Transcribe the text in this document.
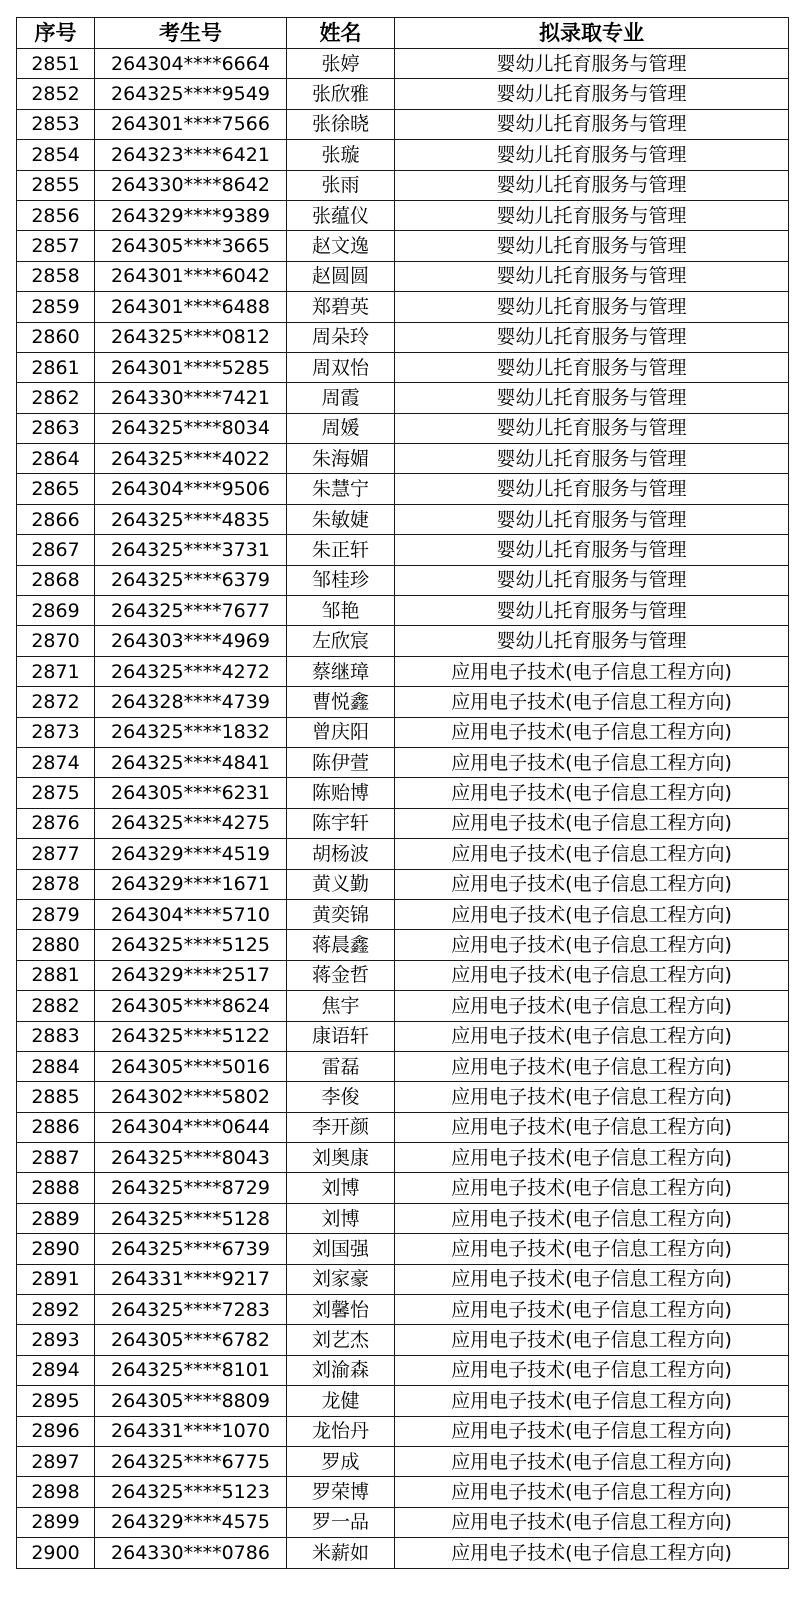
序号	考生号	姓名	拟录取专业
2851	264304****6664	张婷	婴幼儿托育服务与管理
2852	264325****9549	张欣雅	婴幼儿托育服务与管理
2853	264301****7566	张徐晓	婴幼儿托育服务与管理
2854	264323****6421	张璇	婴幼儿托育服务与管理
2855	264330****8642	张雨	婴幼儿托育服务与管理
2856	264329****9389	张蕴仪	婴幼儿托育服务与管理
2857	264305****3665	赵文逸	婴幼儿托育服务与管理
2858	264301****6042	赵圆圆	婴幼儿托育服务与管理
2859	264301****6488	郑碧英	婴幼儿托育服务与管理
2860	264325****0812	周朵玲	婴幼儿托育服务与管理
2861	264301****5285	周双怡	婴幼儿托育服务与管理
2862	264330****7421	周霞	婴幼儿托育服务与管理
2863	264325****8034	周媛	婴幼儿托育服务与管理
2864	264325****4022	朱海媚	婴幼儿托育服务与管理
2865	264304****9506	朱慧宁	婴幼儿托育服务与管理
2866	264325****4835	朱敏婕	婴幼儿托育服务与管理
2867	264325****3731	朱正轩	婴幼儿托育服务与管理
2868	264325****6379	邹桂珍	婴幼儿托育服务与管理
2869	264325****7677	邹艳	婴幼儿托育服务与管理
2870	264303****4969	左欣宸	婴幼儿托育服务与管理
2871	264325****4272	蔡继璋	应用电子技术(电子信息工程方向)
2872	264328****4739	曹悦鑫	应用电子技术(电子信息工程方向)
2873	264325****1832	曾庆阳	应用电子技术(电子信息工程方向)
2874	264325****4841	陈伊萱	应用电子技术(电子信息工程方向)
2875	264305****6231	陈贻博	应用电子技术(电子信息工程方向)
2876	264325****4275	陈宇轩	应用电子技术(电子信息工程方向)
2877	264329****4519	胡杨波	应用电子技术(电子信息工程方向)
2878	264329****1671	黄义勤	应用电子技术(电子信息工程方向)
2879	264304****5710	黄奕锦	应用电子技术(电子信息工程方向)
2880	264325****5125	蒋晨鑫	应用电子技术(电子信息工程方向)
2881	264329****2517	蒋金哲	应用电子技术(电子信息工程方向)
2882	264305****8624	焦宇	应用电子技术(电子信息工程方向)
2883	264325****5122	康语轩	应用电子技术(电子信息工程方向)
2884	264305****5016	雷磊	应用电子技术(电子信息工程方向)
2885	264302****5802	李俊	应用电子技术(电子信息工程方向)
2886	264304****0644	李开颜	应用电子技术(电子信息工程方向)
2887	264325****8043	刘奥康	应用电子技术(电子信息工程方向)
2888	264325****8729	刘博	应用电子技术(电子信息工程方向)
2889	264325****5128	刘博	应用电子技术(电子信息工程方向)
2890	264325****6739	刘国强	应用电子技术(电子信息工程方向)
2891	264331****9217	刘家豪	应用电子技术(电子信息工程方向)
2892	264325****7283	刘馨怡	应用电子技术(电子信息工程方向)
2893	264305****6782	刘艺杰	应用电子技术(电子信息工程方向)
2894	264325****8101	刘渝森	应用电子技术(电子信息工程方向)
2895	264305****8809	龙健	应用电子技术(电子信息工程方向)
2896	264331****1070	龙怡丹	应用电子技术(电子信息工程方向)
2897	264325****6775	罗成	应用电子技术(电子信息工程方向)
2898	264325****5123	罗荣博	应用电子技术(电子信息工程方向)
2899	264329****4575	罗一品	应用电子技术(电子信息工程方向)
2900	264330****0786	米薪如	应用电子技术(电子信息工程方向)
